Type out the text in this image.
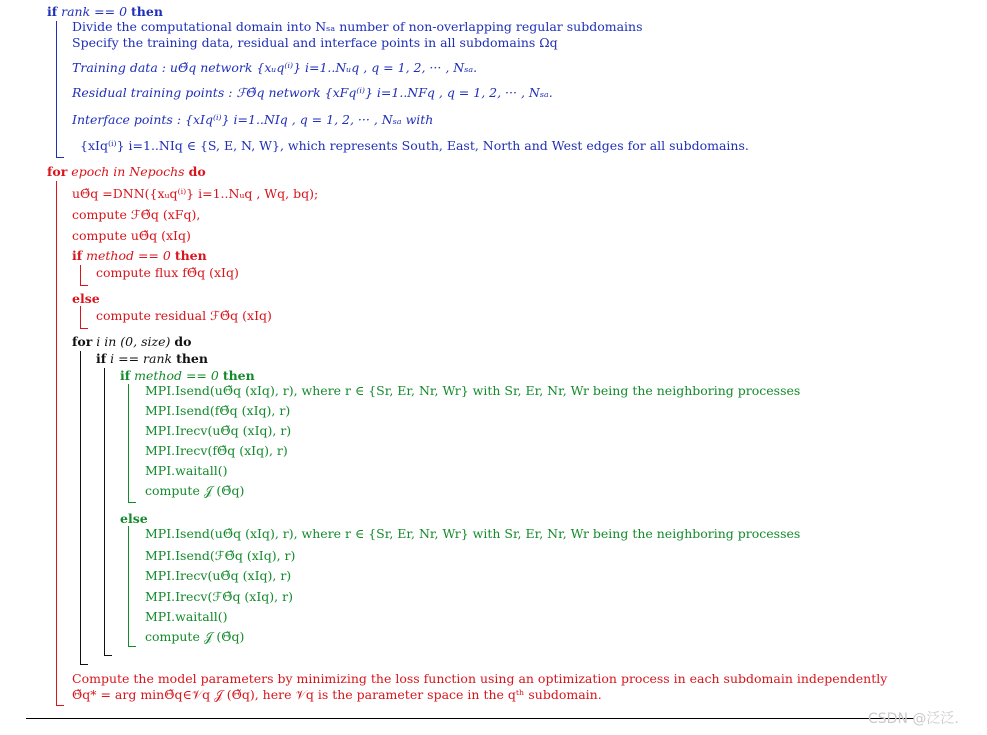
if rank == 0 then
Divide the computational domain into Nₛₐ number of non-overlapping regular subdomains
Specify the training data, residual and interface points in all subdomains Ωq
Training data : uΘ̃q network {xᵤq⁽ⁱ⁾} i=1..Nᵤq , q = 1, 2, ··· , Nₛₐ.
Residual training points : ℱΘ̃q network {xFq⁽ⁱ⁾} i=1..NFq , q = 1, 2, ··· , Nₛₐ.
Interface points : {xIq⁽ⁱ⁾} i=1..NIq , q = 1, 2, ··· , Nₛₐ with
{xIq⁽ⁱ⁾} i=1..NIq ∈ {S, E, N, W}, which represents South, East, North and West edges for all subdomains.
for epoch in Nepochs do
uΘ̃q =DNN({xᵤq⁽ⁱ⁾} i=1..Nᵤq , Wq, bq);
compute ℱΘ̃q (xFq),
compute uΘ̃q (xIq)
if method == 0 then
compute flux fΘ̃q (xIq)
else
compute residual ℱΘ̃q (xIq)
for i in (0, size) do
if i == rank then
if method == 0 then
MPI.Isend(uΘ̃q (xIq), r), where r ∈ {Sr, Er, Nr, Wr} with Sr, Er, Nr, Wr being the neighboring processes
MPI.Isend(fΘ̃q (xIq), r)
MPI.Irecv(uΘ̃q (xIq), r)
MPI.Irecv(fΘ̃q (xIq), r)
MPI.waitall()
compute 𝒥 (Θ̃q)
else
MPI.Isend(uΘ̃q (xIq), r), where r ∈ {Sr, Er, Nr, Wr} with Sr, Er, Nr, Wr being the neighboring processes
MPI.Isend(ℱΘ̃q (xIq), r)
MPI.Irecv(uΘ̃q (xIq), r)
MPI.Irecv(ℱΘ̃q (xIq), r)
MPI.waitall()
compute 𝒥 (Θ̃q)
Compute the model parameters by minimizing the loss function using an optimization process in each subdomain independently
Θ̃q* = arg minΘ̃q∈𝒱q 𝒥 (Θ̃q), here 𝒱q is the parameter space in the qᵗʰ subdomain.
CSDN @泛泛.
